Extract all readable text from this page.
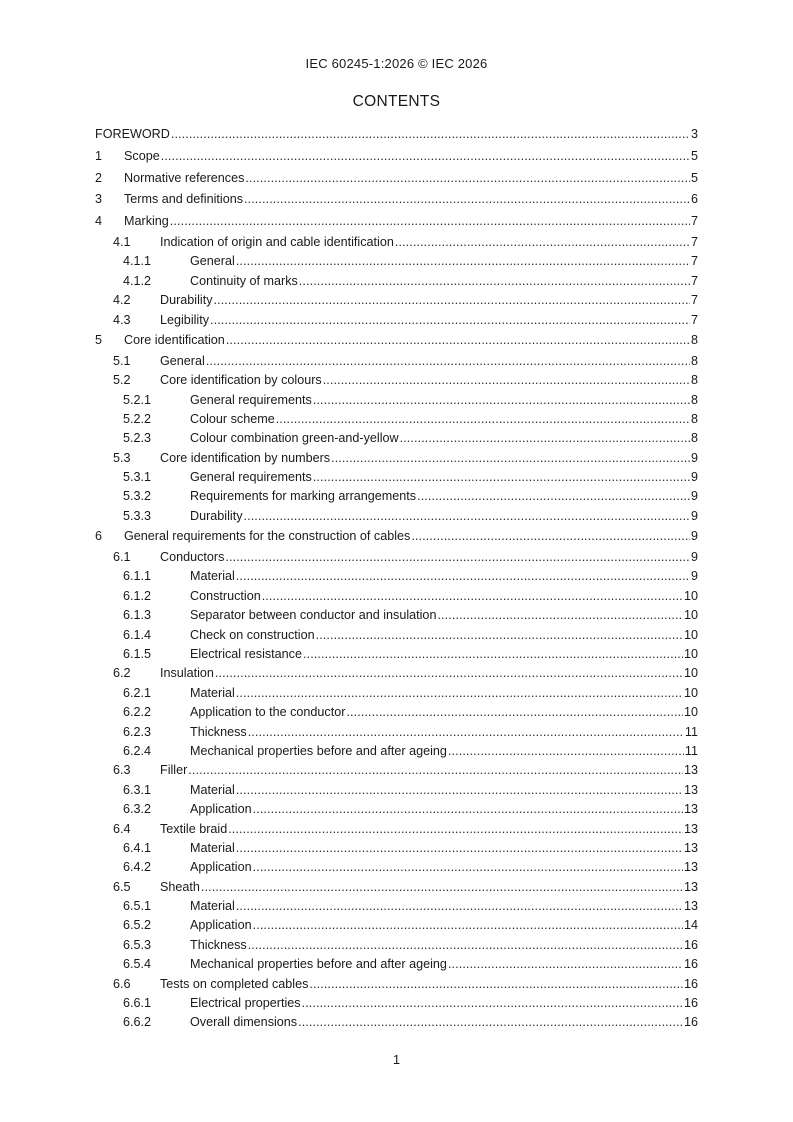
IEC 60245-1:2026 © IEC 2026
CONTENTS
FOREWORD .....	3
1	Scope .....	5
2	Normative references .....	5
3	Terms and definitions .....	6
4	Marking .....	7
4.1	Indication of origin and cable identification .....	7
4.1.1	General .....	7
4.1.2	Continuity of marks .....	7
4.2	Durability .....	7
4.3	Legibility .....	7
5	Core identification .....	8
5.1	General .....	8
5.2	Core identification by colours .....	8
5.2.1	General requirements .....	8
5.2.2	Colour scheme .....	8
5.2.3	Colour combination green-and-yellow .....	8
5.3	Core identification by numbers .....	9
5.3.1	General requirements .....	9
5.3.2	Requirements for marking arrangements .....	9
5.3.3	Durability .....	9
6	General requirements for the construction of cables .....	9
6.1	Conductors .....	9
6.1.1	Material .....	9
6.1.2	Construction .....	10
6.1.3	Separator between conductor and insulation .....	10
6.1.4	Check on construction .....	10
6.1.5	Electrical resistance .....	10
6.2	Insulation .....	10
6.2.1	Material .....	10
6.2.2	Application to the conductor .....	10
6.2.3	Thickness .....	11
6.2.4	Mechanical properties before and after ageing .....	11
6.3	Filler .....	13
6.3.1	Material .....	13
6.3.2	Application .....	13
6.4	Textile braid .....	13
6.4.1	Material .....	13
6.4.2	Application .....	13
6.5	Sheath .....	13
6.5.1	Material .....	13
6.5.2	Application .....	14
6.5.3	Thickness .....	16
6.5.4	Mechanical properties before and after ageing .....	16
6.6	Tests on completed cables .....	16
6.6.1	Electrical properties .....	16
6.6.2	Overall dimensions .....	16
1
